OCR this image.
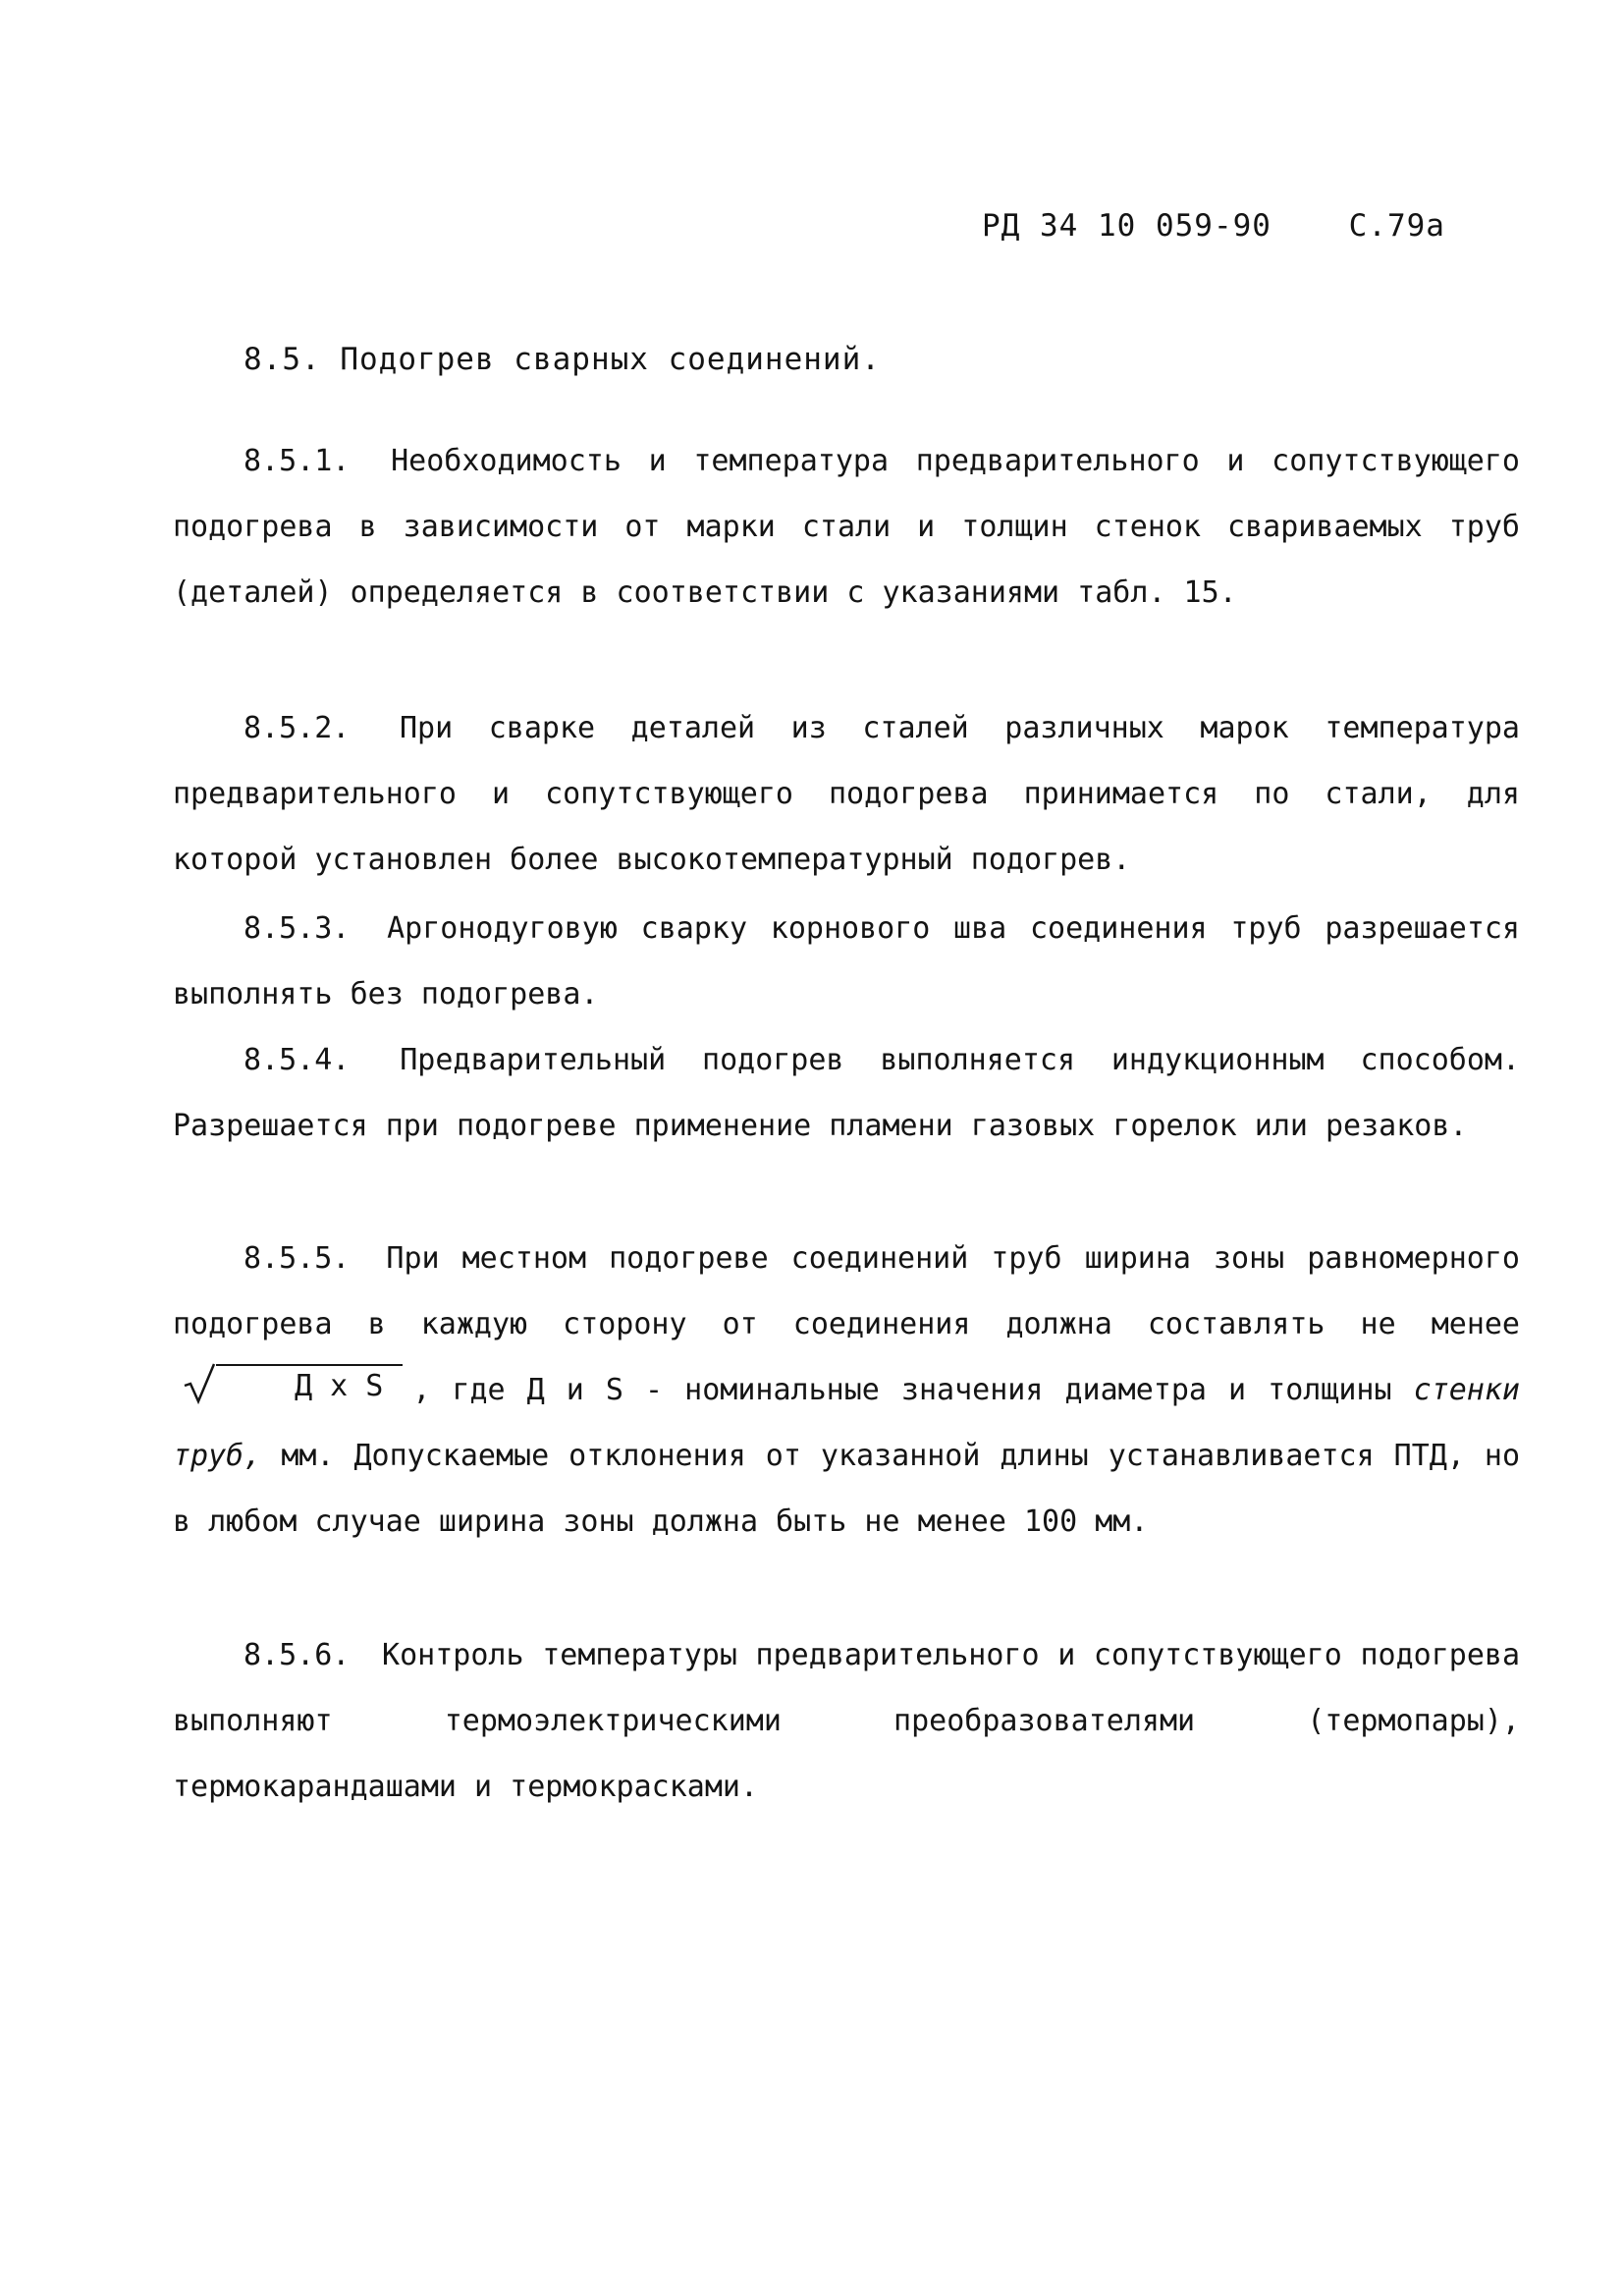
РД 34 10 059-90	С.79а
8.5. Подогрев сварных соединений.

8.5.1. Необходимость и температура предварительного и сопутствующего подогрева в зависимости от марки стали и толщин стенок свариваемых труб (деталей) определяется в соответствии с указаниями табл. 15.

8.5.2. При сварке деталей из сталей различных марок температура предварительного и сопутствующего подогрева принимается по стали, для которой установлен более высокотемпературный подогрев.

8.5.3. Аргонодуговую сварку корнового шва соединения труб разрешается выполнять без подогрева.

8.5.4. Предварительный подогрев выполняется индукционным способом. Разрешается при подогреве применение пламени газовых горелок или резаков.

8.5.5. При местном подогреве соединений труб ширина зоны равномерного подогрева в каждую сторону от соединения должна составлять не менее
Д х S	, где Д и S - номинальные значения диаметра и толщины стенки труб, мм. Допускаемые отклонения от указанной длины устанавливается ПТД, но в любом случае ширина зоны должна быть не менее 100 мм.

8.5.6. Контроль температуры предварительного и сопутствующего подогрева выполняют термоэлектрическими преобразователями (термопары), термокарандашами и термокрасками.
